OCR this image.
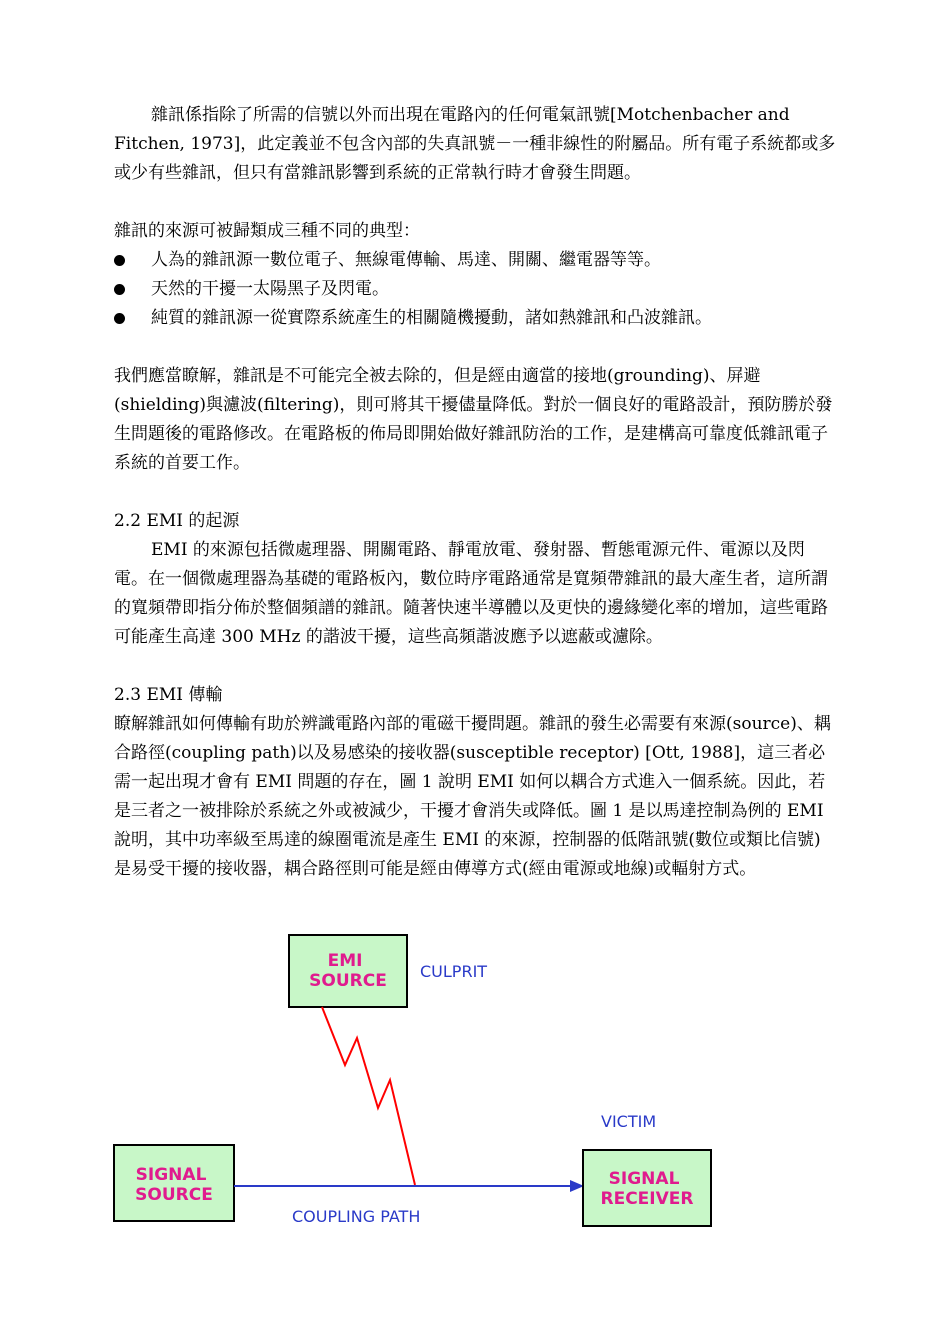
雜訊係指除了所需的信號以外而出現在電路內的任何電氣訊號[Motchenbacher and Fitchen, 1973]，此定義並不包含內部的失真訊號－一種非線性的附屬品。所有電子系統都或多或少有些雜訊，但只有當雜訊影響到系統的正常執行時才會發生問題。

雜訊的來源可被歸類成三種不同的典型：

人為的雜訊源一數位電子、無線電傳輸、馬達、開關、繼電器等等。
天然的干擾一太陽黑子及閃電。
純質的雜訊源一從實際系統產生的相關隨機擾動，諸如熱雜訊和凸波雜訊。

我們應當瞭解，雜訊是不可能完全被去除的，但是經由適當的接地(grounding)、屏避(shielding)與濾波(filtering)，則可將其干擾儘量降低。對於一個良好的電路設計，預防勝於發生問題後的電路修改。在電路板的佈局即開始做好雜訊防治的工作，是建構高可靠度低雜訊電子系統的首要工作。

2.2 EMI 的起源

EMI 的來源包括微處理器、開關電路、靜電放電、發射器、暫態電源元件、電源以及閃電。在一個微處理器為基礎的電路板內，數位時序電路通常是寬頻帶雜訊的最大產生者，這所謂的寬頻帶即指分佈於整個頻譜的雜訊。隨著快速半導體以及更快的邊緣變化率的增加，這些電路可能產生高達 300 MHz 的諧波干擾，這些高頻諧波應予以遮蔽或濾除。

2.3 EMI 傳輸

瞭解雜訊如何傳輸有助於辨識電路內部的電磁干擾問題。雜訊的發生必需要有來源(source)、耦合路徑(coupling path)以及易感染的接收器(susceptible receptor) [Ott, 1988]，這三者必需一起出現才會有 EMI 問題的存在，圖 1 說明 EMI 如何以耦合方式進入一個系統。因此，若是三者之一被排除於系統之外或被減少，干擾才會消失或降低。圖 1 是以馬達控制為例的 EMI 說明，其中功率級至馬達的線圈電流是產生 EMI 的來源，控制器的低階訊號(數位或類比信號)是易受干擾的接收器，耦合路徑則可能是經由傳導方式(經由電源或地線)或輻射方式。

EMI SOURCE CULPRIT
VICTIM
SIGNAL SOURCE
COUPLING PATH
SIGNAL RECEIVER
